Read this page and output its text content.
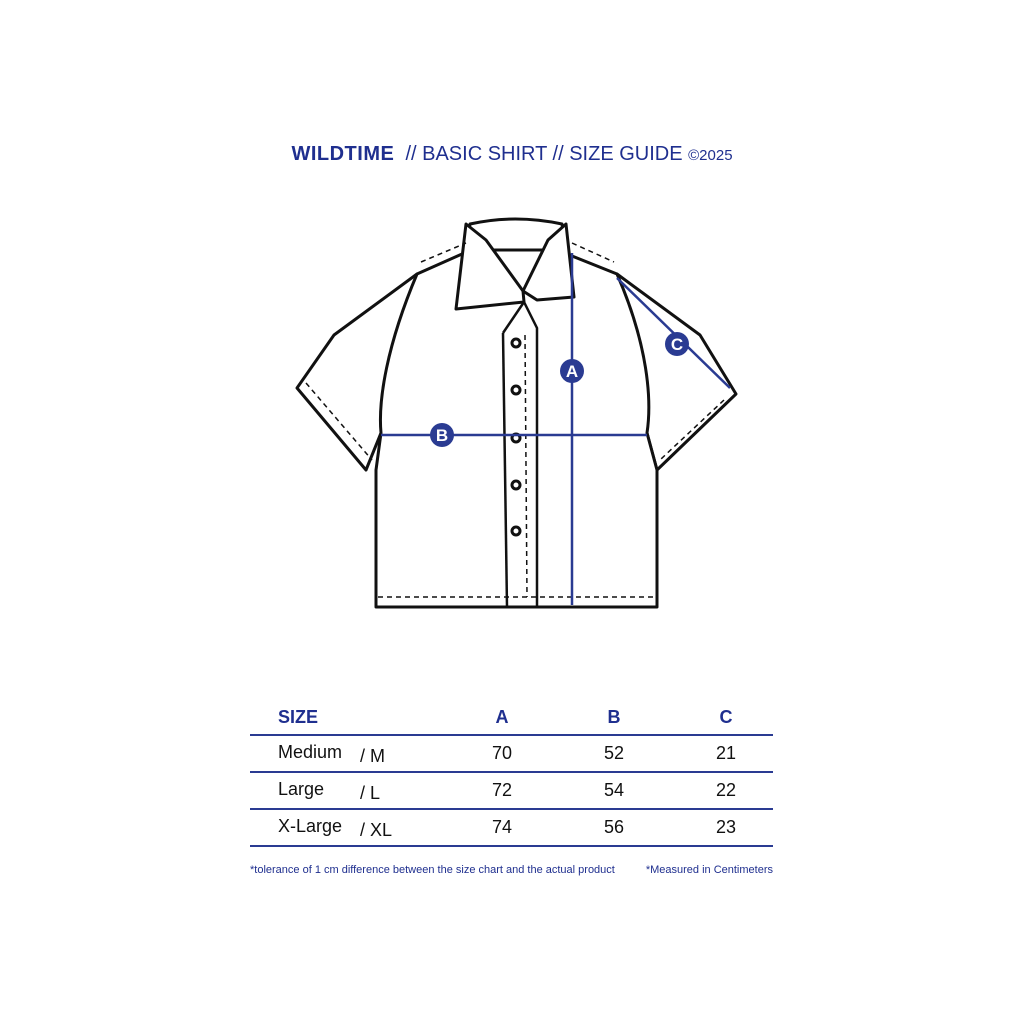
WILDTIME // BASIC SHIRT // SIZE GUIDE ©2025
A
B
C
SIZE	A	B	C
Medium / M	70	52	21
Large / L	72	54	22
X-Large / XL	74	56	23
*tolerance of 1 cm difference between the size chart and the actual product	*Measured in Centimeters
